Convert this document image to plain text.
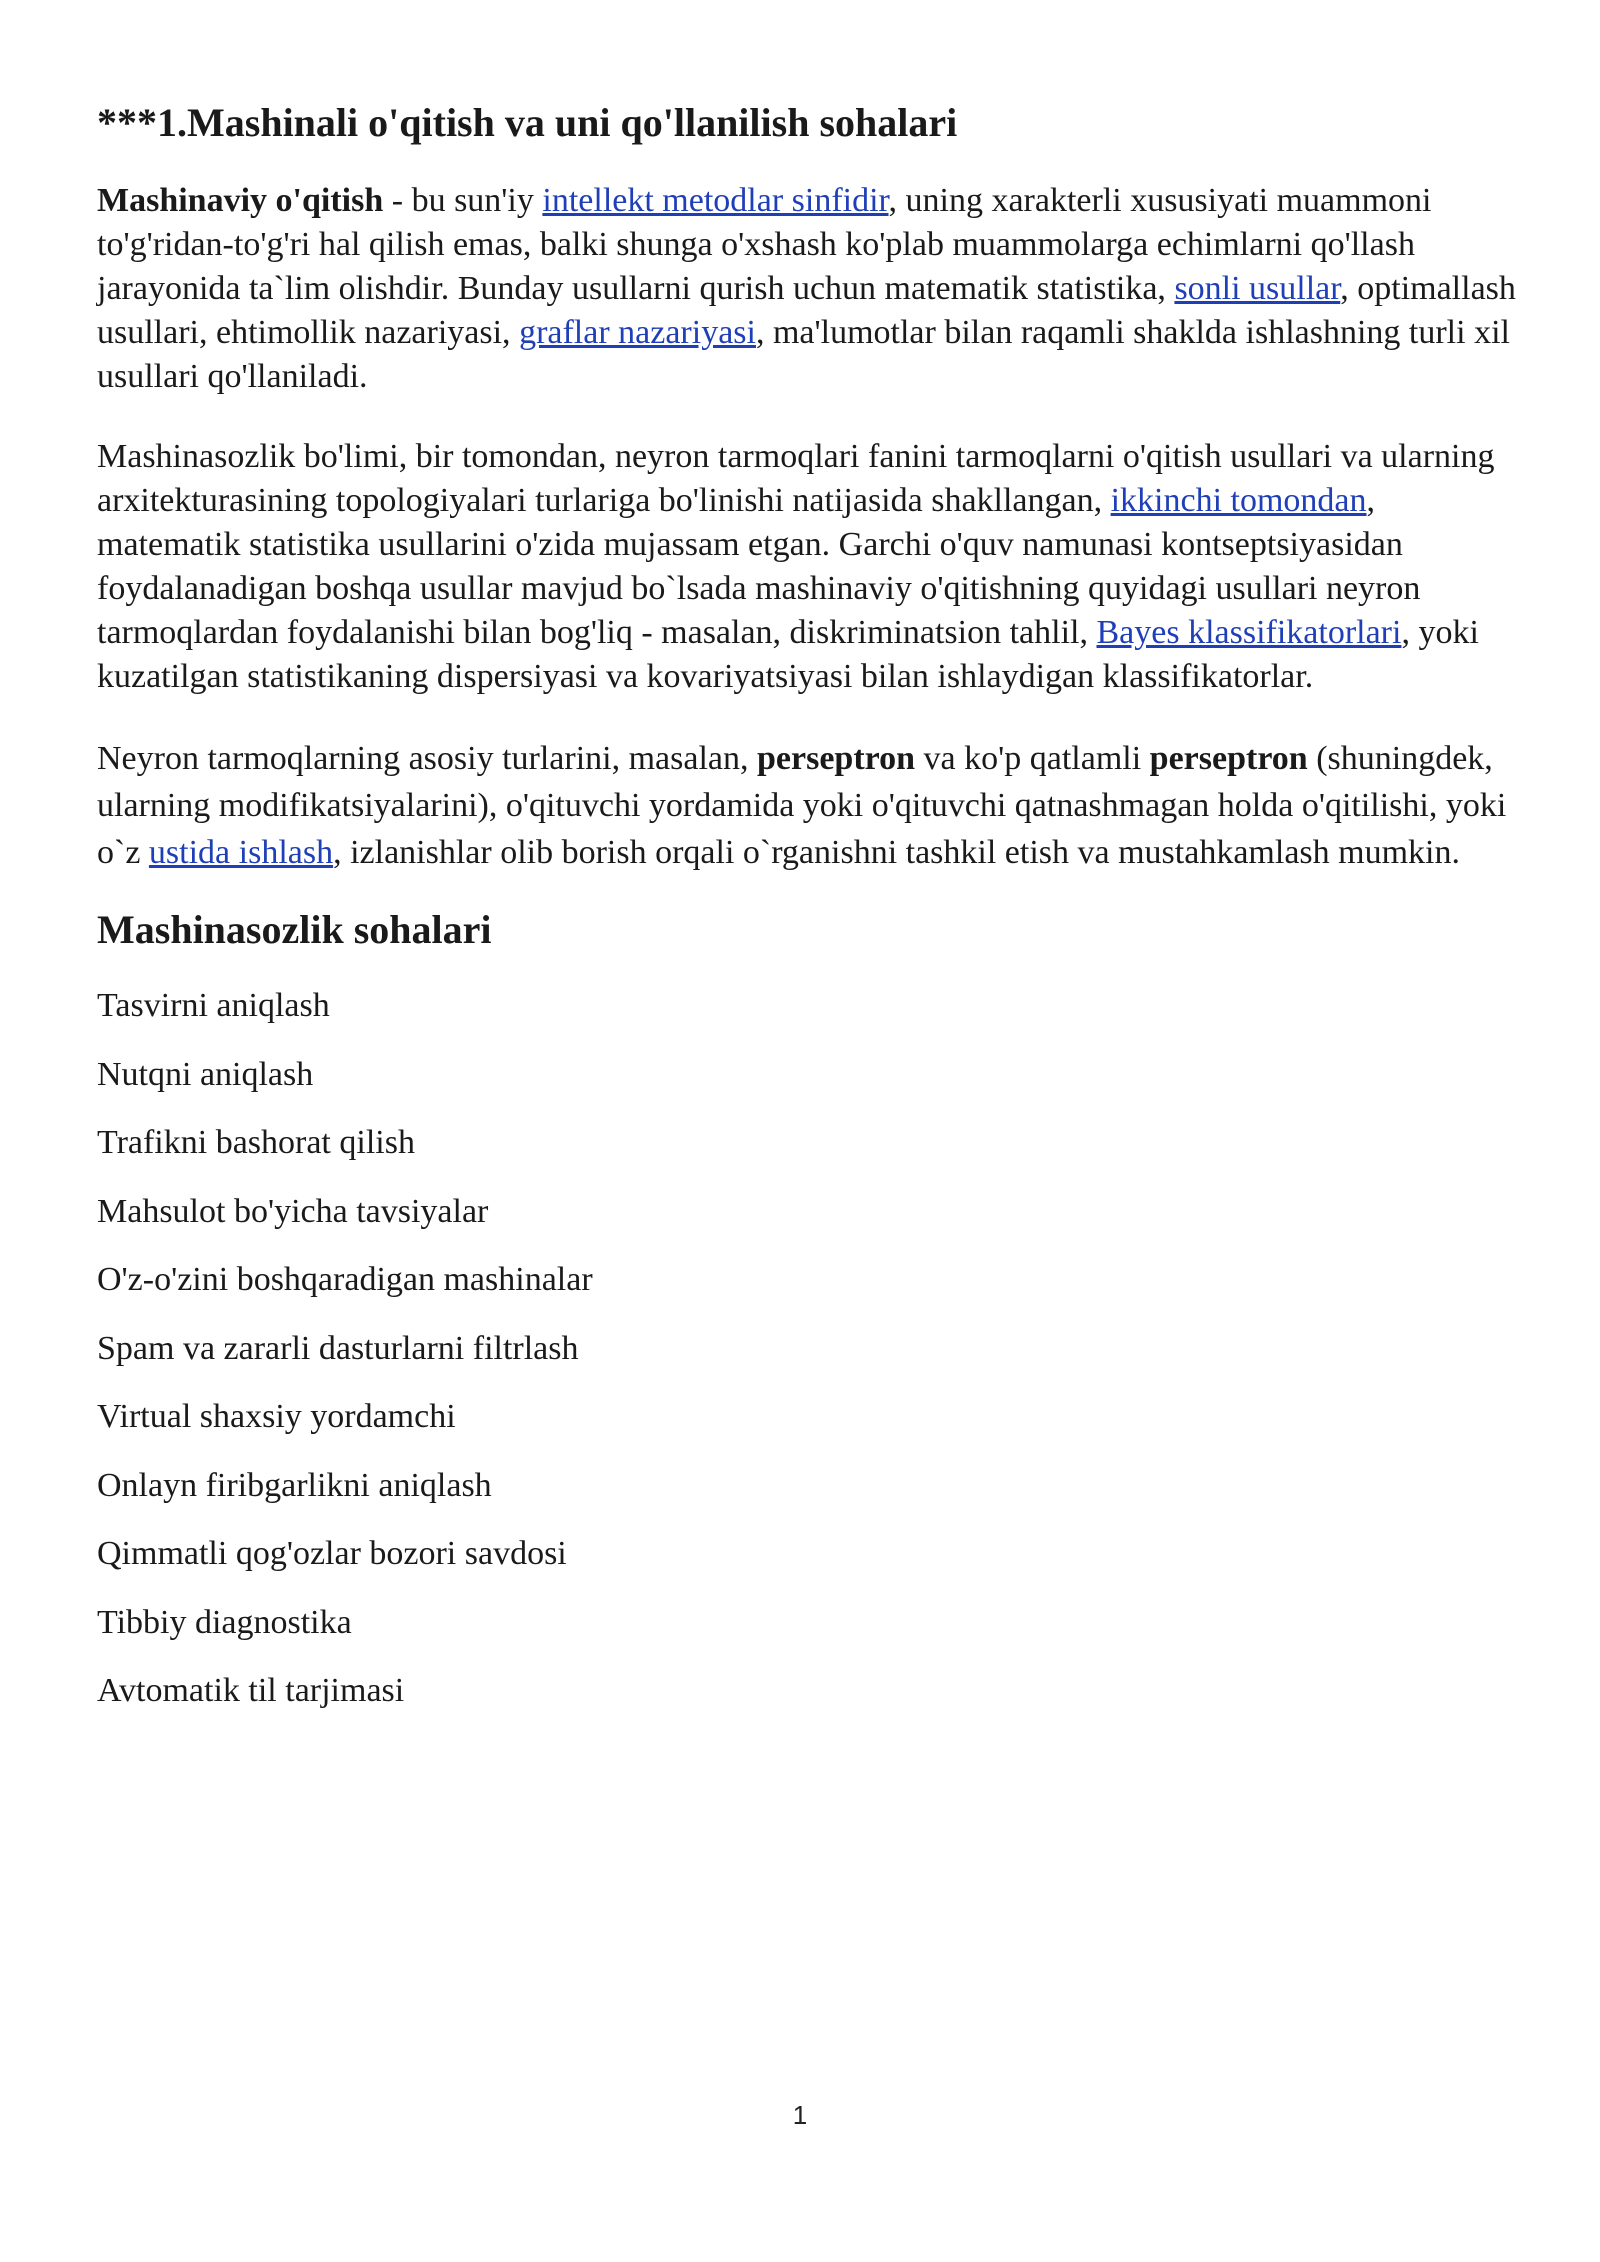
***1.Mashinali o'qitish va uni qo'llanilish sohalari

Mashinaviy o'qitish - bu sun'iy intellekt metodlar sinfidir, uning xarakterli xususiyati muammoni to'g'ridan-to'g'ri hal qilish emas, balki shunga o'xshash ko'plab muammolarga echimlarni qo'llash jarayonida ta`lim olishdir. Bunday usullarni qurish uchun matematik statistika, sonli usullar, optimallash usullari, ehtimollik nazariyasi, graflar nazariyasi, ma'lumotlar bilan raqamli shaklda ishlashning turli xil usullari qo'llaniladi.

Mashinasozlik bo'limi, bir tomondan, neyron tarmoqlari fanini tarmoqlarni o'qitish usullari va ularning arxitekturasining topologiyalari turlariga bo'linishi natijasida shakllangan, ikkinchi tomondan, matematik statistika usullarini o'zida mujassam etgan. Garchi o'quv namunasi kontseptsiyasidan foydalanadigan boshqa usullar mavjud bo`lsada mashinaviy o'qitishning quyidagi usullari neyron tarmoqlardan foydalanishi bilan bog'liq - masalan, diskriminatsion tahlil, Bayes klassifikatorlari, yoki kuzatilgan statistikaning dispersiyasi va kovariyatsiyasi bilan ishlaydigan klassifikatorlar.

Neyron tarmoqlarning asosiy turlarini, masalan, perseptron va ko'p qatlamli perseptron (shuningdek, ularning modifikatsiyalarini), o'qituvchi yordamida yoki o'qituvchi qatnashmagan holda o'qitilishi, yoki o`z ustida ishlash, izlanishlar olib borish orqali o`rganishni tashkil etish va mustahkamlash mumkin.

Mashinasozlik sohalari
Tasvirni aniqlash
Nutqni aniqlash
Trafikni bashorat qilish
Mahsulot bo'yicha tavsiyalar
O'z-o'zini boshqaradigan mashinalar
Spam va zararli dasturlarni filtrlash
Virtual shaxsiy yordamchi
Onlayn firibgarlikni aniqlash
Qimmatli qog'ozlar bozori savdosi
Tibbiy diagnostika
Avtomatik til tarjimasi
1
